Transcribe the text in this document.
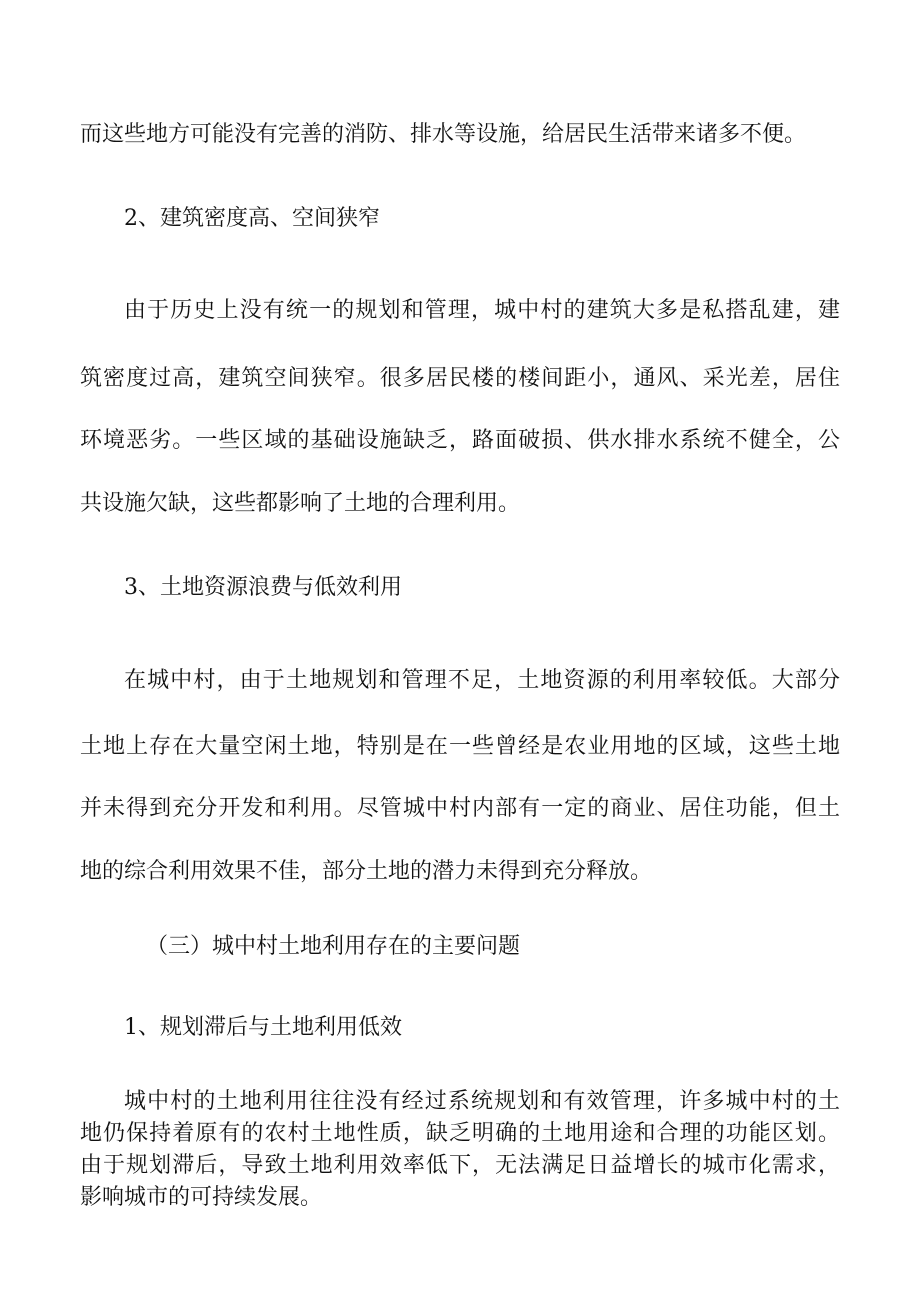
而这些地方可能没有完善的消防、排水等设施，给居民生活带来诸多不便。

2、建筑密度高、空间狭窄

由于历史上没有统一的规划和管理，城中村的建筑大多是私搭乱建，建

筑密度过高，建筑空间狭窄。很多居民楼的楼间距小，通风、采光差，居住

环境恶劣。一些区域的基础设施缺乏，路面破损、供水排水系统不健全，公

共设施欠缺，这些都影响了土地的合理利用。

3、土地资源浪费与低效利用

在城中村，由于土地规划和管理不足，土地资源的利用率较低。大部分

土地上存在大量空闲土地，特别是在一些曾经是农业用地的区域，这些土地

并未得到充分开发和利用。尽管城中村内部有一定的商业、居住功能，但土

地的综合利用效果不佳，部分土地的潜力未得到充分释放。

（三）城中村土地利用存在的主要问题

1、规划滞后与土地利用低效

城中村的土地利用往往没有经过系统规划和有效管理，许多城中村的土

地仍保持着原有的农村土地性质，缺乏明确的土地用途和合理的功能区划。

由于规划滞后，导致土地利用效率低下，无法满足日益增长的城市化需求，

影响城市的可持续发展。
